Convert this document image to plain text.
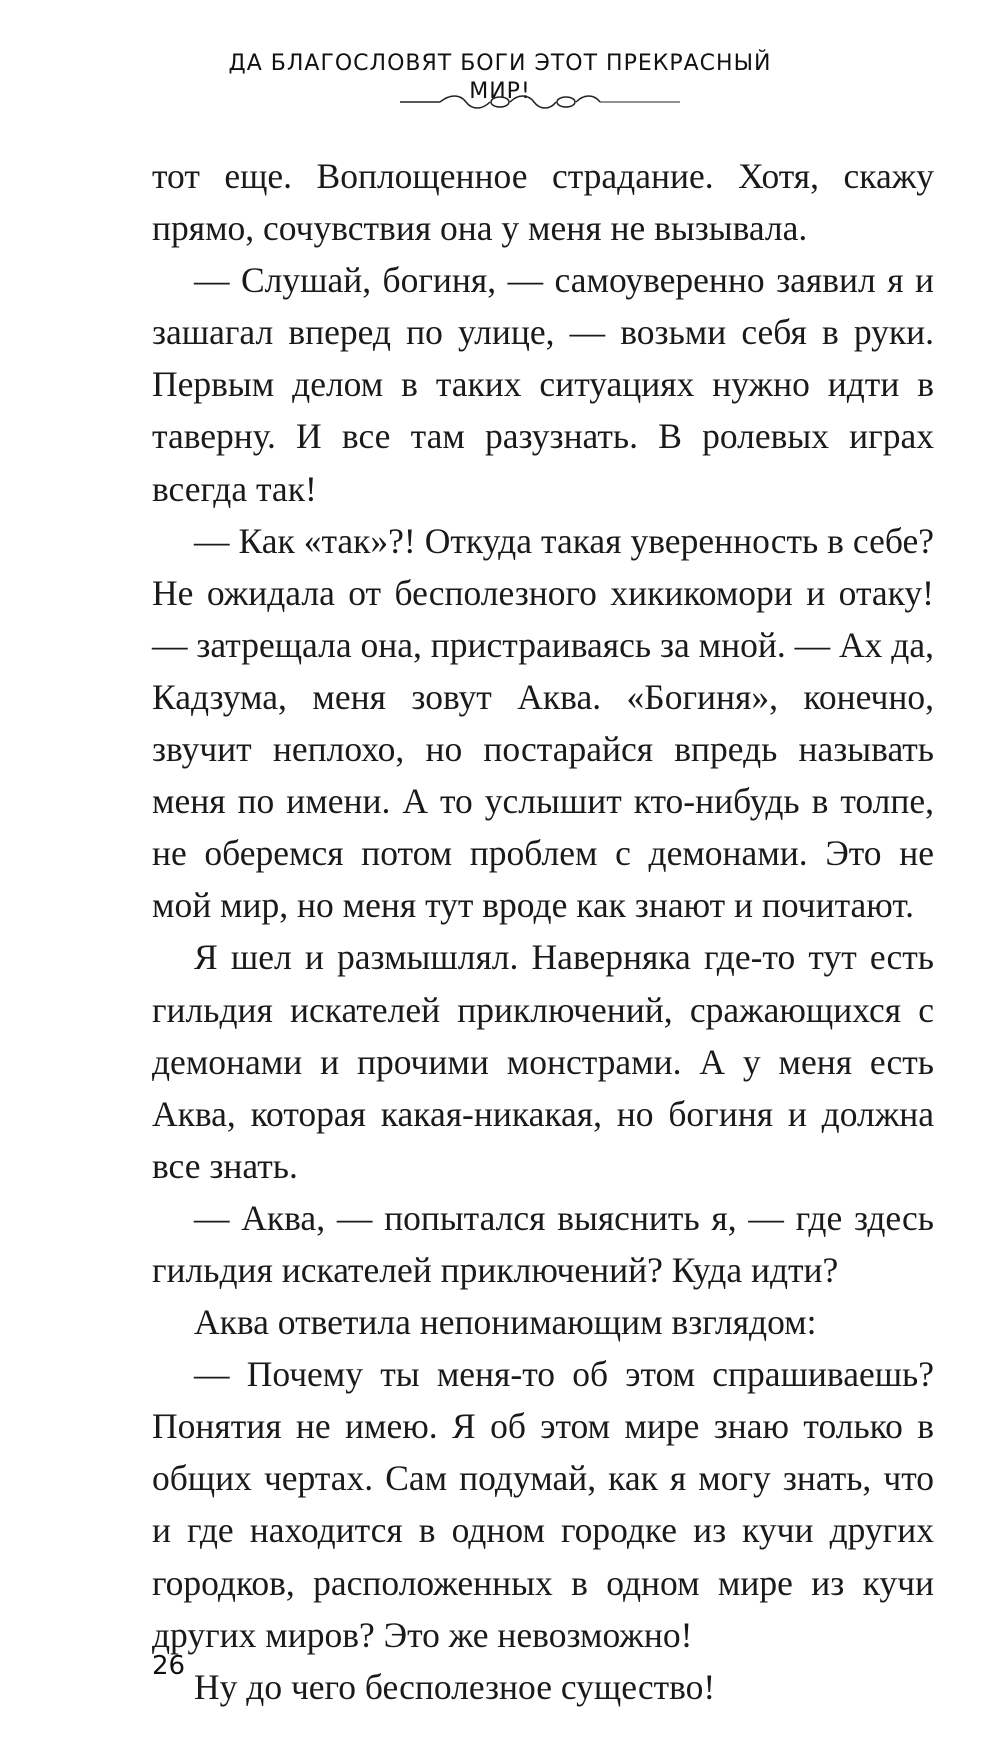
ДА БЛАГОСЛОВЯТ БОГИ ЭТОТ ПРЕКРАСНЫЙ МИР!

тот еще. Воплощенное страдание. Хотя, скажу прямо, сочувствия она у меня не вызывала.

— Слушай, богиня, — самоуверенно заявил я и зашагал вперед по улице, — возьми себя в руки. Первым делом в таких ситуациях нужно идти в таверну. И все там разузнать. В ролевых играх всегда так!

— Как «так»?! Откуда такая уверенность в себе? Не ожидала от бесполезного хикикомори и отаку! — затрещала она, пристраиваясь за мной. — Ах да, Кадзума, меня зовут Аква. «Богиня», конечно, звучит неплохо, но постарайся впредь называть меня по имени. А то услышит кто-нибудь в толпе, не оберемся потом проблем с демонами. Это не мой мир, но меня тут вроде как знают и почитают.

Я шел и размышлял. Наверняка где-то тут есть гильдия искателей приключений, сражающихся с демонами и прочими монстрами. А у меня есть Аква, которая какая-никакая, но богиня и должна все знать.

— Аква, — попытался выяснить я, — где здесь гильдия искателей приключений? Куда идти?

Аква ответила непонимающим взглядом:

— Почему ты меня-то об этом спрашиваешь? Понятия не имею. Я об этом мире знаю только в общих чертах. Сам подумай, как я могу знать, что и где находится в одном городке из кучи других городков, расположенных в одном мире из кучи других миров? Это же невозможно!

Ну до чего бесполезное существо!

26
